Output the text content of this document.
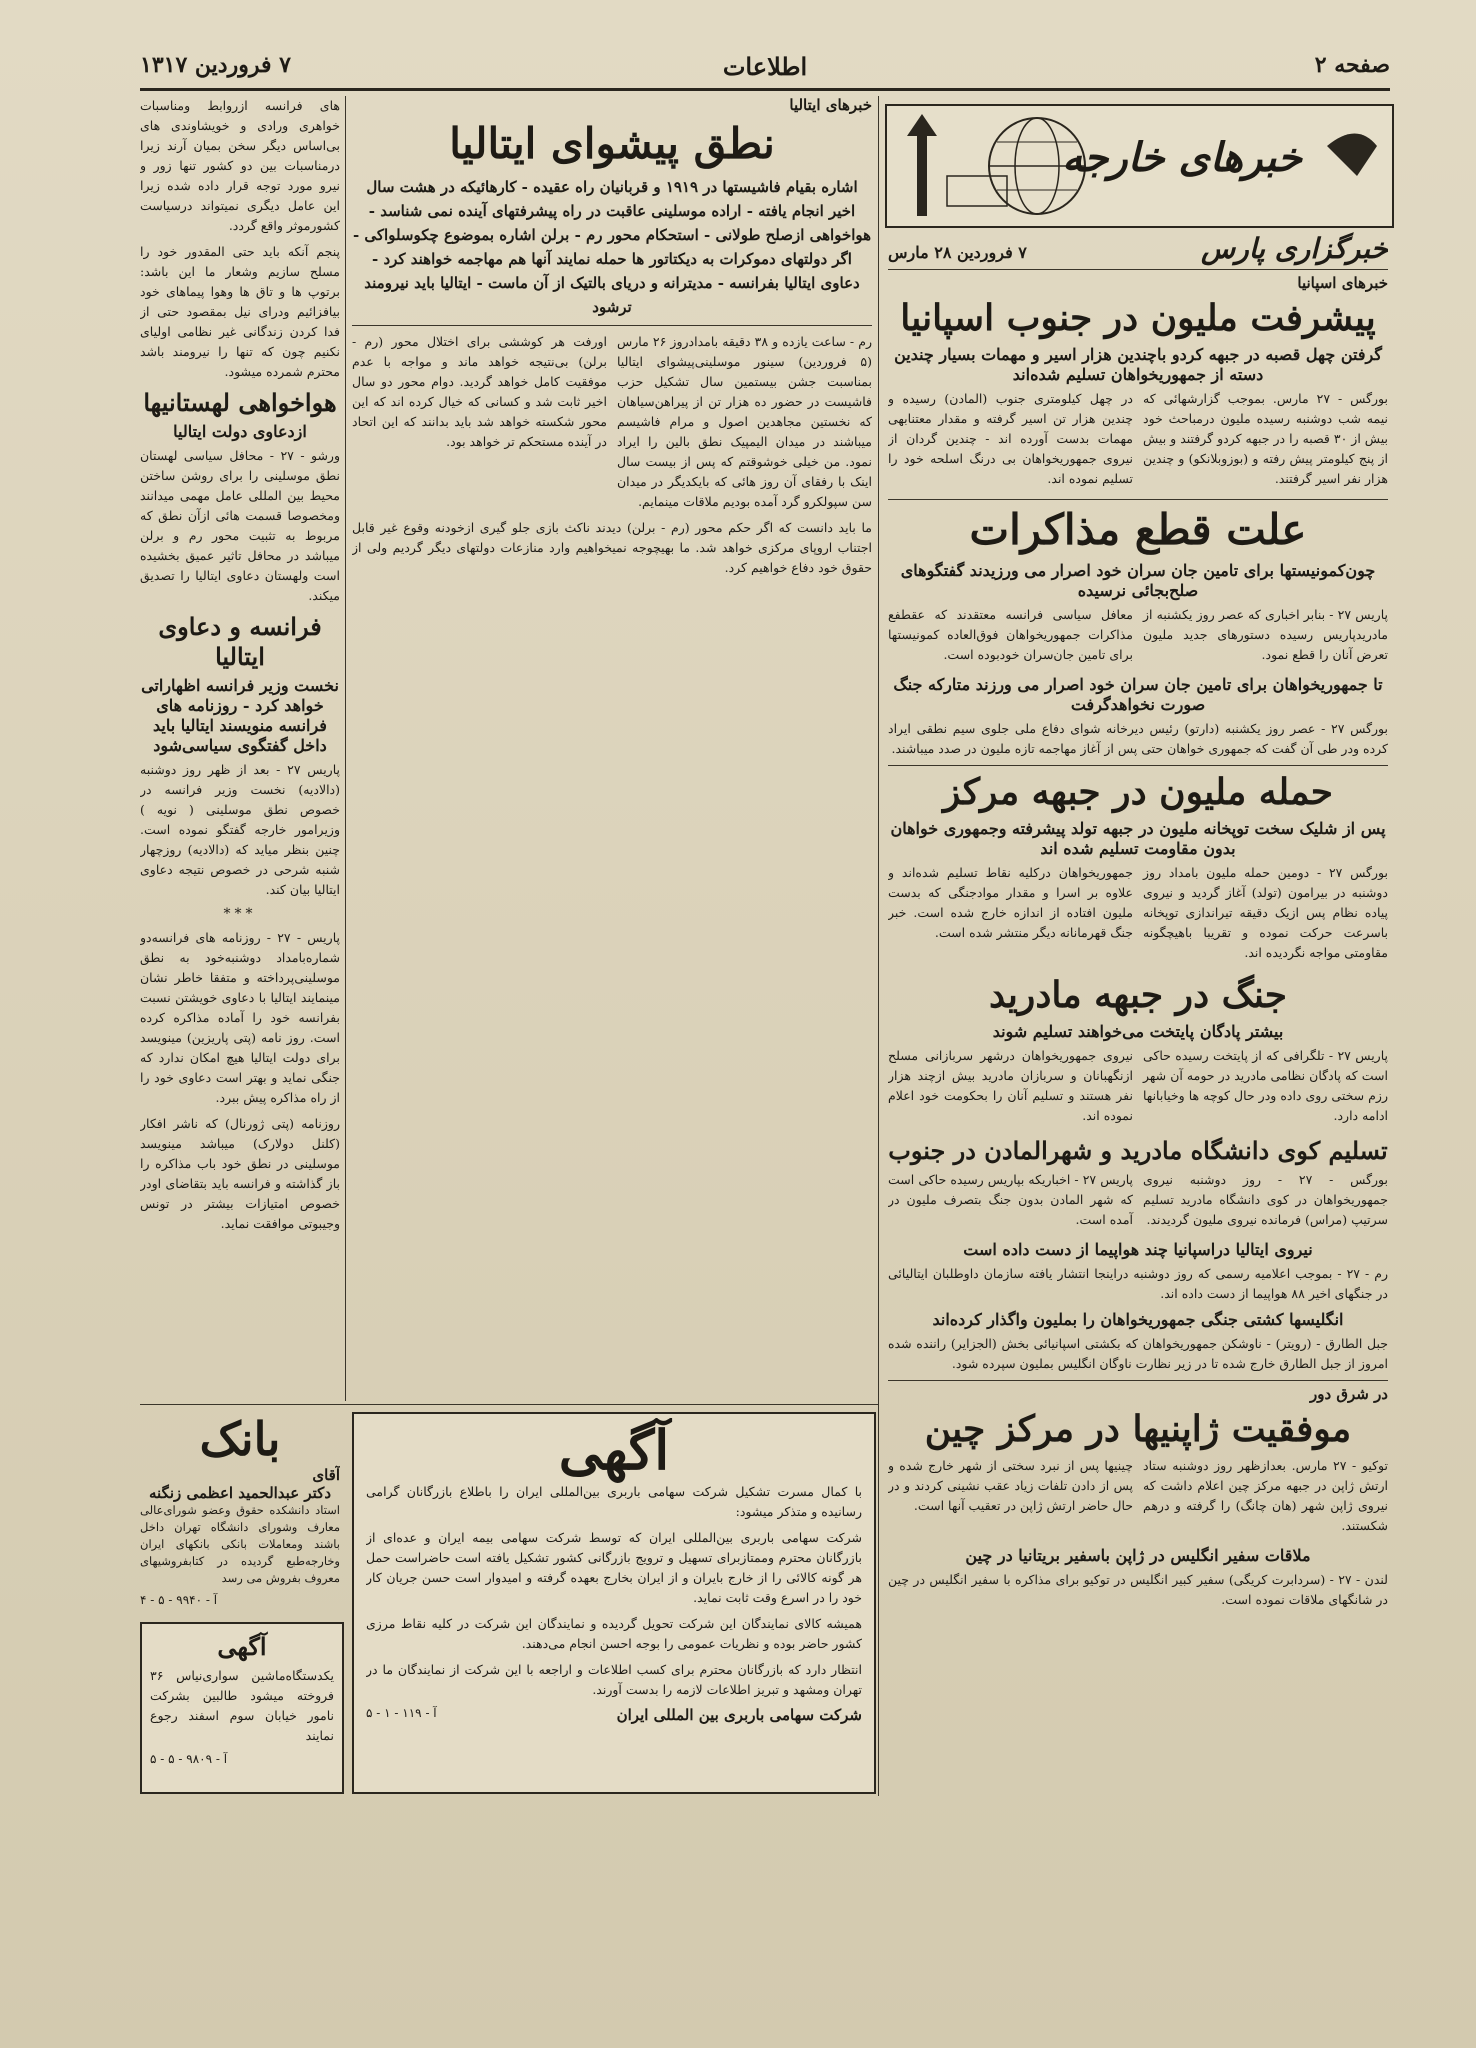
صفحه ۲
اطلاعات
۷ فروردین ۱۳۱۷
خبرهای خارجه
خبرگزاری پارس
۷ فروردین ۲۸ مارس
خبرهای اسپانیا
پیشرفت ملیون در جنوب اسپانیا
گرفتن چهل قصبه در جبهه کردو باچندین هزار اسیر و مهمات بسیار چندین دسته از جمهوریخواهان تسلیم شده‌اند

بورگس - ۲۷ مارس. بموجب گزارشهائی که نیمه شب دوشنبه رسیده ملیون درمباحث خود بیش از ۳۰ قصبه را در جبهه کردو گرفتند و بیش از پنج کیلومتر پیش رفته و (بوزوبلانکو) و چندین هزار نفر اسیر گرفتند.

در چهل کیلومتری جنوب (المادن) رسیده و چندین هزار تن اسیر گرفته و مقدار معتنابهی مهمات بدست آورده اند - چندین گردان از نیروی جمهوریخواهان بی درنگ اسلحه خود را تسلیم نموده اند.

علت قطع مذاکرات
چون‌کمونیستها برای تامین جان سران خود اصرار می ورزیدند گفتگوهای صلح‌بجائی نرسیده

پاریس ۲۷ - بنابر اخباری که عصر روز یکشنبه از مادریدپاریس رسیده دستورهای جدید ملیون تعرض آنان را قطع نمود.

معافل سیاسی فرانسه معتقدند که عقطفع مذاکرات جمهوریخواهان فوق‌العاده کمونیستها برای تامین جان‌سران خودبوده است.

تا جمهوریخواهان برای تامین جان سران خود اصرار می ورزند متارکه جنگ صورت نخواهدگرفت

بورگس ۲۷ - عصر روز یکشنبه (دارتو) رئیس دیرخانه شوای دفاع ملی جلوی سیم نطقی ایراد کرده ودر طی آن گفت که جمهوری خواهان حتی پس از آغاز مهاجمه تازه ملیون در صدد میباشند.

حمله ملیون در جبهه مرکز
پس از شلیک سخت توپخانه ملیون در جبهه تولد پیشرفته وجمهوری خواهان بدون مقاومت تسلیم شده اند

بورگس ۲۷ - دومین حمله ملیون بامداد روز دوشنبه در بیرامون (تولد) آغاز گردید و نیروی پیاده نظام پس ازیک دقیقه تیراندازی توپخانه باسرعت حرکت نموده و تقریبا باهیچگونه مقاومتی مواجه نگردیده اند.

جمهوریخواهان درکلیه نقاط تسلیم شده‌اند و علاوه بر اسرا و مقدار موادجنگی که بدست ملیون افتاده از اندازه خارج شده است. خبر جنگ قهرمانانه دیگر منتشر شده است.

جنگ در جبهه مادرید
بیشتر پادگان پایتخت می‌خواهند تسلیم شوند

پاریس ۲۷ - تلگرافی که از پایتخت رسیده حاکی است که پادگان نظامی مادرید در حومه آن شهر رزم سختی روی داده ودر حال کوچه ها وخیابانها ادامه دارد.

نیروی جمهوریخواهان درشهر سربازانی مسلح ازنگهبانان و سربازان مادرید بیش ازچند هزار نفر هستند و تسلیم آنان را بحکومت خود اعلام نموده اند.

تسلیم کوی دانشگاه مادرید و شهرالمادن در جنوب

بورگس - ۲۷ - روز دوشنبه نیروی جمهوریخواهان در کوی دانشگاه مادرید تسلیم سرتیپ (مراس) فرمانده نیروی ملیون گردیدند.

پاریس ۲۷ - اخباریکه بپاریس رسیده حاکی است که شهر المادن بدون جنگ بتصرف ملیون در آمده است.

نیروی ایتالیا دراسپانیا چند هواپیما از دست داده است

رم - ۲۷ - بموجب اعلامیه رسمی که روز دوشنبه دراینجا انتشار یافته سازمان داوطلبان ایتالیائی در جنگهای اخیر ۸۸ هواپیما از دست داده اند.

انگلیسها کشتی جنگی جمهوریخواهان را بملیون واگذار کرده‌اند

جبل الطارق - (رویتر) - ناوشکن جمهوریخواهان که بکشتی اسپانیائی بخش (الجزایر) راننده شده امروز از جبل الطارق خارج شده تا در زیر نظارت ناوگان انگلیس بملیون سپرده شود.

در شرق دور
موفقیت ژاپنیها در مرکز چین

توکیو - ۲۷ مارس. بعدازظهر روز دوشنبه ستاد ارتش ژاپن در جبهه مرکز چین اعلام داشت که نیروی ژاپن شهر (هان چانگ) را گرفته و درهم شکستند.

چینیها پس از نبرد سختی از شهر خارج شده و پس از دادن تلفات زیاد عقب نشینی کردند و در حال حاضر ارتش ژاپن در تعقیب آنها است.

ملاقات سفیر انگلیس در ژاپن باسفیر بریتانیا در چین

لندن - ۲۷ - (سردابرت کریگی) سفیر کبیر انگلیس در توکیو برای مذاکره با سفیر انگلیس در چین در شانگهای ملاقات نموده است.

خبرهای ایتالیا
نطق پیشوای ایتالیا

اشاره بقیام فاشیستها در ۱۹۱۹ و قربانیان راه عقیده - کارهائیکه در هشت سال اخیر انجام یافته - اراده موسلینی عاقبت در راه پیشرفتهای آینده نمی شناسد - هواخواهی ازصلح طولانی - استحکام محور رم - برلن اشاره بموضوع چکوسلواکی - اگر دولتهای دموکرات به دیکتاتور ها حمله نمایند آنها هم مهاجمه خواهند کرد - دعاوی ایتالیا بفرانسه - مدیترانه و دریای بالتیک از آن ماست - ایتالیا باید نیرومند ترشود

رم - ساعت یازده و ۳۸ دقیقه بامدادروز ۲۶ مارس (۵ فروردین) سینور موسلینی‌پیشوای ایتالیا بمناسبت جشن بیستمین سال تشکیل حزب فاشیست در حضور ده هزار تن از پیراهن‌سیاهان که نخستین مجاهدین اصول و مرام فاشیسم میباشند در میدان الیمپیک نطق بالین را ایراد نمود. من خیلی خوشوقتم که پس از بیست سال اینک با رفقای آن روز هائی که بایکدیگر در میدان سن سپولکرو گرد آمده بودیم ملاقات مینمایم.

اورفت هر کوششی برای اختلال محور (رم - برلن) بی‌نتیجه خواهد ماند و مواجه با عدم موفقیت کامل خواهد گردید. دوام محور دو سال اخیر ثابت شد و کسانی که خیال کرده اند که این محور شکسته خواهد شد باید بدانند که این اتحاد در آینده مستحکم تر خواهد بود.

ما باید دانست که اگر حکم محور (رم - برلن) دیدند ناکث بازی جلو گیری ازخودنه وقوع غیر قابل اجتناب اروپای مرکزی خواهد شد. ما بهیچوجه نمیخواهیم وارد منازعات دولتهای دیگر گردیم ولی از حقوق خود دفاع خواهیم کرد.

های فرانسه ازروابط ومناسبات خواهری ورادی و خویشاوندی های بی‌اساس دیگر سخن بمیان آرند زیرا درمناسبات بین دو کشور تنها زور و نیرو مورد توجه قرار داده شده زیرا این عامل دیگری نمیتواند درسیاست کشورموثر واقع گردد.

پنجم آنکه باید حتی المقدور خود را مسلح سازیم وشعار ما این باشد: برتوپ ها و تاق ها وهوا پیماهای خود بیافزائیم ودرای نیل بمقصود حتی از فدا کردن زندگانی غیر نظامی اولیای نکنیم چون که تنها را نیرومند باشد محترم شمرده میشود.

هواخواهی لهستانیها
ازدعاوی دولت ایتالیا

ورشو - ۲۷ - محافل سیاسی لهستان نطق موسلینی را برای روشن ساختن محیط بین المللی عامل مهمی میدانند ومخصوصا قسمت هائی ازآن نطق که مربوط به تثبیت محور رم و برلن میباشد در محافل تاثیر عمیق بخشیده است ولهستان دعاوی ایتالیا را تصدیق میکند.

فرانسه و دعاوی ایتالیا
نخست وزیر فرانسه اظهاراتی خواهد کرد - روزنامه های فرانسه منویسند ایتالیا باید داخل گفتگوی سیاسی‌شود

پاریس ۲۷ - بعد از ظهر روز دوشنبه (دالادیه) نخست وزیر فرانسه در خصوص نطق موسلینی ( نویه ) وزیرامور خارجه گفتگو نموده است. چنین بنظر میاید که (دالادیه) روزچهار شنبه شرحی در خصوص نتیجه دعاوی ایتالیا بیان کند.

***

پاریس - ۲۷ - روزنامه های فرانسه‌دو شماره‌بامداد دوشنبه‌خود به نطق موسلینی‌پرداخته و متفقا خاطر نشان مینمایند ایتالیا با دعاوی خویشتن نسبت بفرانسه خود را آماده مذاکره کرده است. روز نامه (پتی پاریزین) مینویسد برای دولت ایتالیا هیچ امکان ندارد که جنگی نماید و بهتر است دعاوی خود را از راه مذاکره پیش ببرد.

روزنامه (پتی ژورنال) که ناشر افکار (کلنل دولارک) میباشد مینویسد موسلینی در نطق خود باب مذاکره را باز گذاشته و فرانسه باید بتقاضای اودر خصوص امتیازات بیشتر در تونس وجیبوتی موافقت نماید.

بانک
آقای
دکتر عبدالحمید اعظمی زنگنه

استاد دانشکده حقوق وعضو شورای‌عالی معارف وشورای دانشگاه تهران داخل باشند ومعاملات بانکی بانکهای ایران وخارجه‌طبع گردیده در کتابفروشیهای معروف بفروش می رسد

آ - ۹۹۴۰ - ۵ - ۴
آگهی

یکدستگاه‌ماشین سواری‌نیاس ۳۶ فروخته میشود طالبین بشرکت نامور خیابان سوم اسفند رجوع نمایند

آ - ۹۸۰۹ - ۵ - ۵
آگهی

با کمال مسرت تشکیل شرکت سهامی باربری بین‌المللی ایران را باطلاع بازرگانان گرامی رسانیده و متذکر میشود:

شرکت سهامی باربری بین‌المللی ایران که توسط شرکت سهامی بیمه ایران و عده‌ای از بازرگانان محترم وممتازبرای تسهیل و ترویج بازرگانی کشور تشکیل یافته است حاضراست حمل هر گونه کالائی را از خارج بایران و از ایران بخارج بعهده گرفته و امیدوار است حسن جریان کار خود را در اسرع وقت ثابت نماید.

همیشه کالای نمایندگان این شرکت تحویل گردیده و نمایندگان این شرکت در کلیه نقاط مرزی کشور حاضر بوده و نظریات عمومی را بوجه احسن انجام می‌دهند.

انتظار دارد که بازرگانان محترم برای کسب اطلاعات و اراجعه با این شرکت از نمایندگان ما در تهران ومشهد و تبریز اطلاعات لازمه را بدست آورند.

شرکت سهامی باربری بین المللی ایران
آ - ۱۱۹ - ۱ - ۵
